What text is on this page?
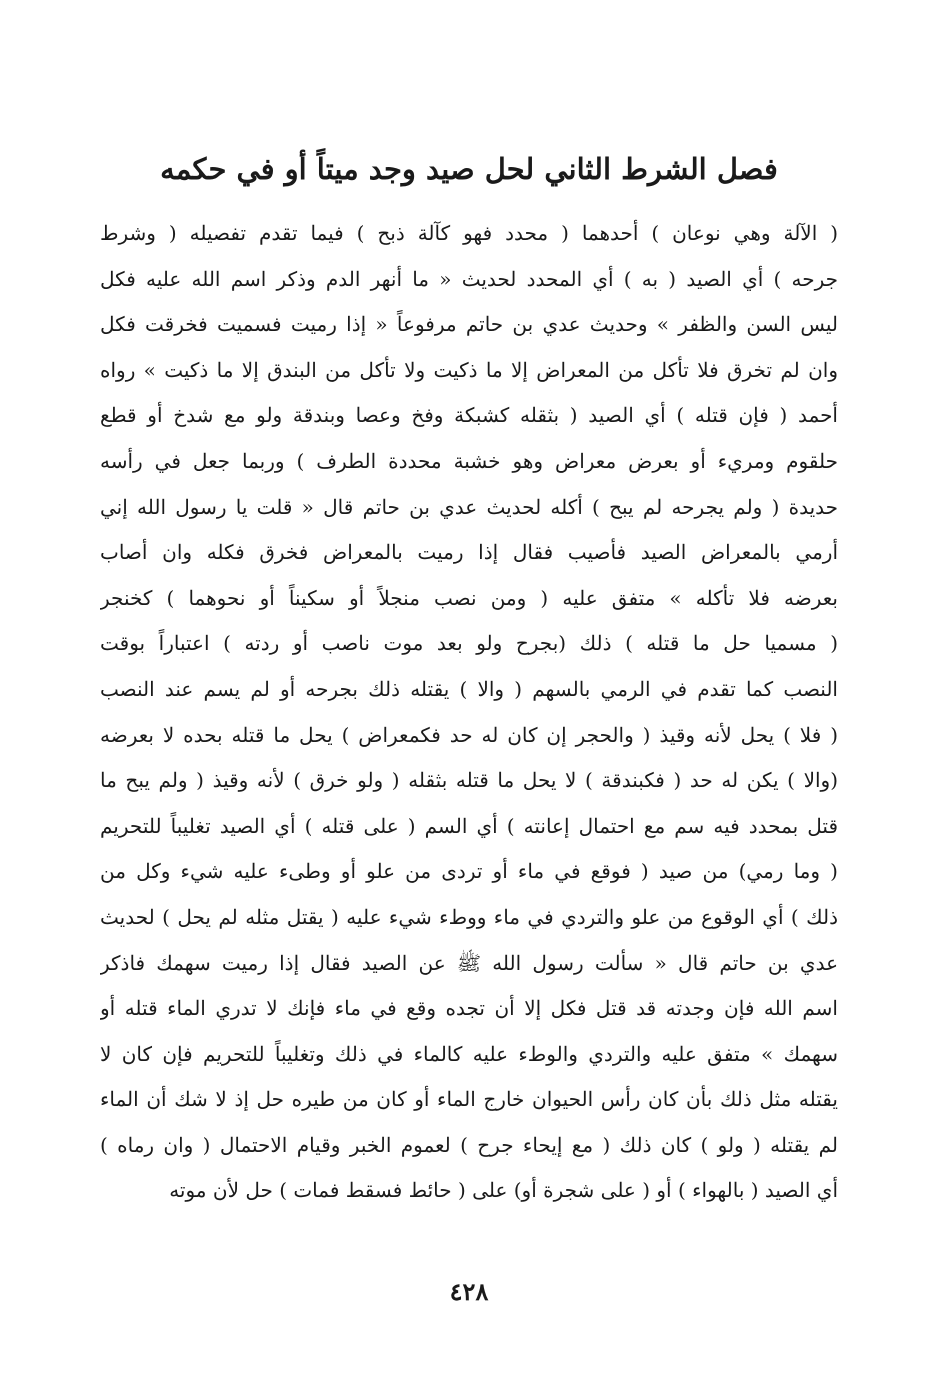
فصل الشرط الثاني لحل صيد وجد ميتاً أو في حكمه
( الآلة وهي نوعان ) أحدهما ( محدد فهو كآلة ذبح ) فيما تقدم تفصيله ( وشرط
جرحه ) أي الصيد ( به ) أي المحدد لحديث « ما أنهر الدم وذكر اسم الله عليه فكل
ليس السن والظفر » وحديث عدي بن حاتم مرفوعاً « إذا رميت فسميت فخرقت فكل
وان لم تخرق فلا تأكل من المعراض إلا ما ذكيت ولا تأكل من البندق إلا ما ذكيت » رواه
أحمد ( فإن قتله ) أي الصيد ( بثقله كشبكة وفخ وعصا وبندقة ولو مع شدخ أو قطع
حلقوم ومريء أو بعرض معراض وهو خشبة محددة الطرف ) وربما جعل في رأسه
حديدة ( ولم يجرحه لم يبح ) أكله لحديث عدي بن حاتم قال « قلت يا رسول الله إني
أرمي بالمعراض الصيد فأصيب فقال إذا رميت بالمعراض فخرق فكله وان أصاب
بعرضه فلا تأكله » متفق عليه ( ومن نصب منجلاً أو سكيناً أو نحوهما ) كخنجر
( مسميا حل ما قتله ) ذلك (بجرح ولو بعد موت ناصب أو ردته ) اعتباراً بوقت
النصب كما تقدم في الرمي بالسهم ( والا ) يقتله ذلك بجرحه أو لم يسم عند النصب
( فلا ) يحل لأنه وقيذ ( والحجر إن كان له حد فكمعراض ) يحل ما قتله بحده لا بعرضه
(والا ) يكن له حد ( فكبندقة ) لا يحل ما قتله بثقله ( ولو خرق ) لأنه وقيذ ( ولم يبح ما
قتل بمحدد فيه سم مع احتمال إعانته ) أي السم ( على قتله ) أي الصيد تغليباً للتحريم
( وما رمي) من صيد ( فوقع في ماء أو تردى من علو أو وطىء عليه شيء وكل من
ذلك ) أي الوقوع من علو والتردي في ماء ووطء شيء عليه ( يقتل مثله لم يحل ) لحديث
عدي بن حاتم قال « سألت رسول الله ﷺ عن الصيد فقال إذا رميت سهمك فاذكر
اسم الله فإن وجدته قد قتل فكل إلا أن تجده وقع في ماء فإنك لا تدري الماء قتله أو
سهمك » متفق عليه والتردي والوطء عليه كالماء في ذلك وتغليباً للتحريم فإن كان لا
يقتله مثل ذلك بأن كان رأس الحيوان خارج الماء أو كان من طيره حل إذ لا شك أن الماء
لم يقتله ( ولو ) كان ذلك ( مع إيحاء جرح ) لعموم الخبر وقيام الاحتمال ( وان رماه )
أي الصيد ( بالهواء ) أو ( على شجرة أو) على ( حائط فسقط فمات ) حل لأن موته
٤٢٨
